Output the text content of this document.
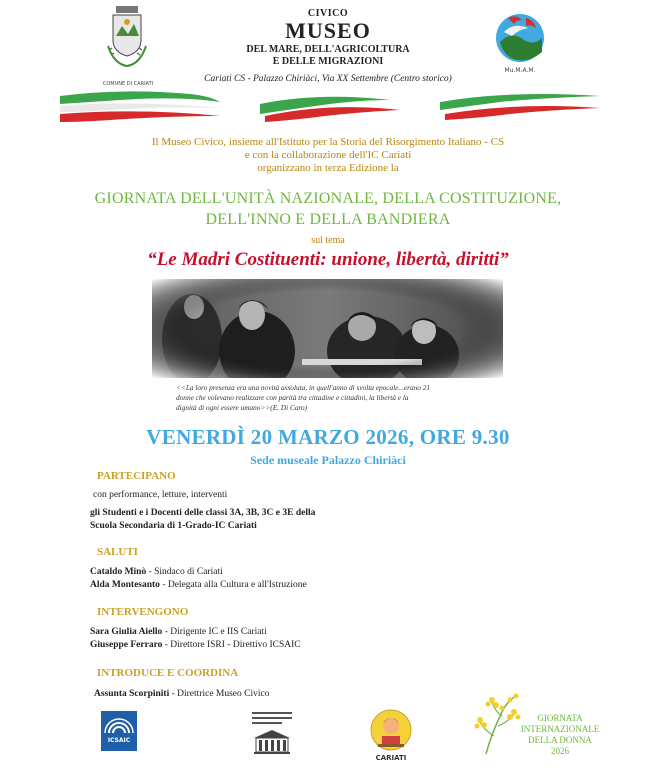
COMUNE DI CARIATI
CIVICO
MUSEO
DEL MARE, DELL'AGRICOLTURA
E DELLE MIGRAZIONI
Cariati CS - Palazzo Chiriàci, Via XX Settembre (Centro storico)
Mu.M.A.M.
Il Museo Civico, insieme all'Istituto per la Storia del Risorgimento Italiano - CS
e con la collaborazione dell'IC Cariati
organizzano in terza Edizione la
GIORNATA DELL'UNITÀ NAZIONALE, DELLA COSTITUZIONE,
DELL'INNO E DELLA BANDIERA
sul tema
“Le Madri Costituenti: unione, libertà, diritti”
<<La loro presenza era una novità assoluta, in quell'anno di svolta epocale...erano 21
donne che volevano realizzare con parità tra cittadine e cittadini, la libertà e la
dignità di ogni essere umano>>(E. Di Caro)
VENERDÌ 20 MARZO 2026, ORE 9.30
Sede museale Palazzo Chiriàci
PARTECIPANO
con performance, letture, interventi
gli Studenti e i Docenti delle classi 3A, 3B, 3C e 3E della
Scuola Secondaria di 1-Grado-IC Cariati
SALUTI
Cataldo Minò - Sindaco di Cariati
Alda Montesanto - Delegata alla Cultura e all'Istruzione
INTERVENGONO
Sara Giulia Aiello - Dirigente IC e IIS Cariati
Giuseppe Ferraro - Direttore ISRI - Direttivo ICSAIC
INTRODUCE E COORDINA
Assunta Scorpiniti - Direttrice Museo Civico
ICSAIC
CARIATI
GIORNATA
INTERNAZIONALE
DELLA DONNA
2026
